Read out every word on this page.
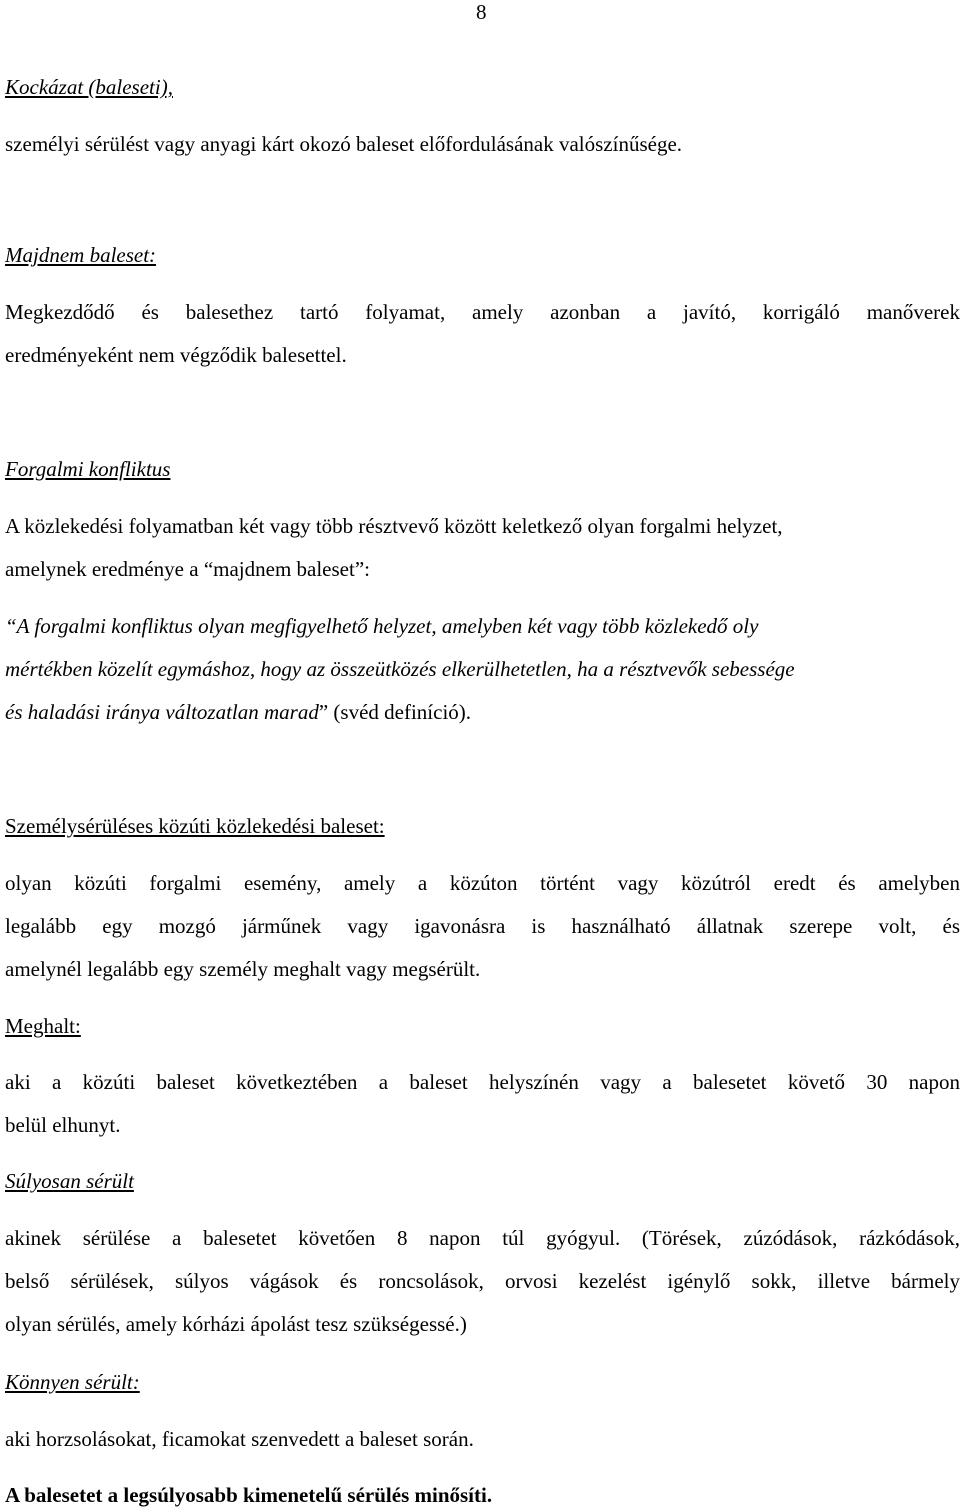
8
Kockázat (baleseti),
személyi sérülést vagy anyagi kárt okozó baleset előfordulásának valószínűsége.
Majdnem baleset:
Megkezdődő és balesethez tartó folyamat, amely azonban a javító, korrigáló manőverek
eredményeként nem végződik balesettel.
Forgalmi konfliktus
A közlekedési folyamatban két vagy több résztvevő között keletkező olyan forgalmi helyzet,
amelynek eredménye a “majdnem baleset”:
“A forgalmi konfliktus olyan megfigyelhető helyzet, amelyben két vagy több közlekedő oly
mértékben közelít egymáshoz, hogy az összeütközés elkerülhetetlen, ha a résztvevők sebessége
és haladási iránya változatlan marad” (svéd definíció).
Személysérüléses közúti közlekedési baleset:
olyan közúti forgalmi esemény, amely a közúton történt vagy közútról eredt és amelyben
legalább egy mozgó járműnek vagy igavonásra is használható állatnak szerepe volt, és
amelynél legalább egy személy meghalt vagy megsérült.
Meghalt:
aki a közúti baleset következtében a baleset helyszínén vagy a balesetet követő 30 napon
belül elhunyt.
Súlyosan sérült
akinek sérülése a balesetet követően 8 napon túl gyógyul. (Törések, zúzódások, rázkódások,
belső sérülések, súlyos vágások és roncsolások, orvosi kezelést igénylő sokk, illetve bármely
olyan sérülés, amely kórházi ápolást tesz szükségessé.)
Könnyen sérült:
aki horzsolásokat, ficamokat szenvedett a baleset során.
A balesetet a legsúlyosabb kimenetelű sérülés minősíti.
